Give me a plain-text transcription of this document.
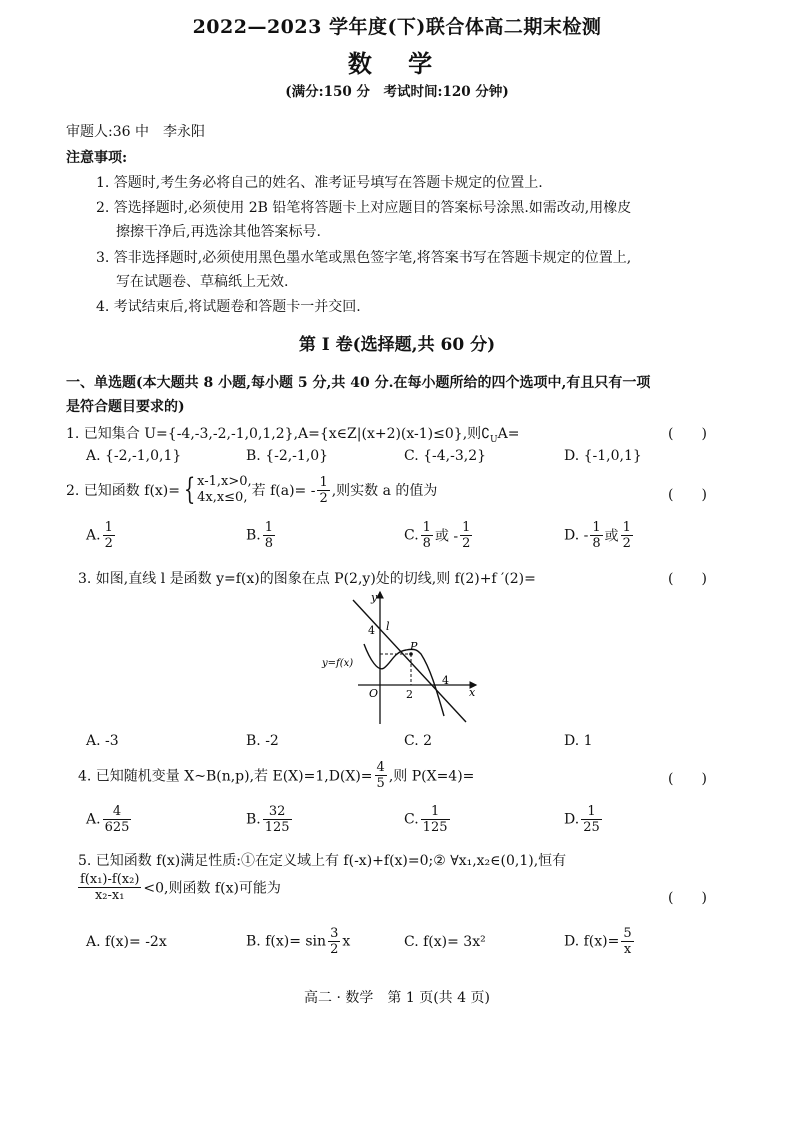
2022—2023 学年度(下)联合体高二期末检测
数 学
(满分:150 分　考试时间:120 分钟)
审题人:36 中　李永阳
注意事项:
1. 答题时,考生务必将自己的姓名、准考证号填写在答题卡规定的位置上.
2. 答选择题时,必须使用 2B 铅笔将答题卡上对应题目的答案标号涂黑.如需改动,用橡皮
擦擦干净后,再选涂其他答案标号.
3. 答非选择题时,必须使用黑色墨水笔或黑色签字笔,将答案书写在答题卡规定的位置上,
写在试题卷、草稿纸上无效.
4. 考试结束后,将试题卷和答题卡一并交回.
第 I 卷(选择题,共 60 分)
一、单选题(本大题共 8 小题,每小题 5 分,共 40 分.在每小题所给的四个选项中,有且只有一项
是符合题目要求的)
1. 已知集合 U={-4,-3,-2,-1,0,1,2},A={x∈Z|(x+2)(x-1)≤0},则$∁_UA=$	(　　)
A. {-2,-1,0,1}	B. {-2,-1,0}	C. {-4,-3,2}	D. {-1,0,1}
2. 已知函数 f(x)= { x-1,x>0,
4x,x≤0, 若 $f(a)= - \frac{1}{2}$ ,则实数 a 的值为	(　　)
A. $\frac{1}{2}$	B. $\frac{1}{8}$	C. $\frac{1}{8}$ 或 - $\frac{1}{2}$	D. - $\frac{1}{8}$ 或 $\frac{1}{2}$
3. 如图,直线 l 是函数 y=f(x)的图象在点 P(2,y)处的切线,则 f(2)+f ′(2)=	(　　)
y
x
O
4
2
4
l
P
y=f(x)
A. -3	B. -2	C. 2	D. 1
4. 已知随机变量 X~B(n,p),若 $E(X)=1,D(X)= \frac{4}{5}$ ,则 P(X=4)=	(　　)
A. $\frac{4}{625}$	B. $\frac{32}{125}$	C. $\frac{1}{125}$	D. $\frac{1}{25}$
5. 已知函数 f(x)满足性质:①在定义域上有 f(-x)+f(x)=0;② ∀x₁,x₂∈(0,1),恒有
$\frac{\text{f(x₁)-f(x₂)}}{\text{x₂-x₁}} <0$,则函数 f(x)可能为
(　　)
A. f(x)= -2x	B. $f(x)= \sin \frac{3}{2}$ x	C. f(x)= 3x²	D. $f(x)= \frac{5}{x}$
高二 · 数学　第 1 页(共 4 页)
